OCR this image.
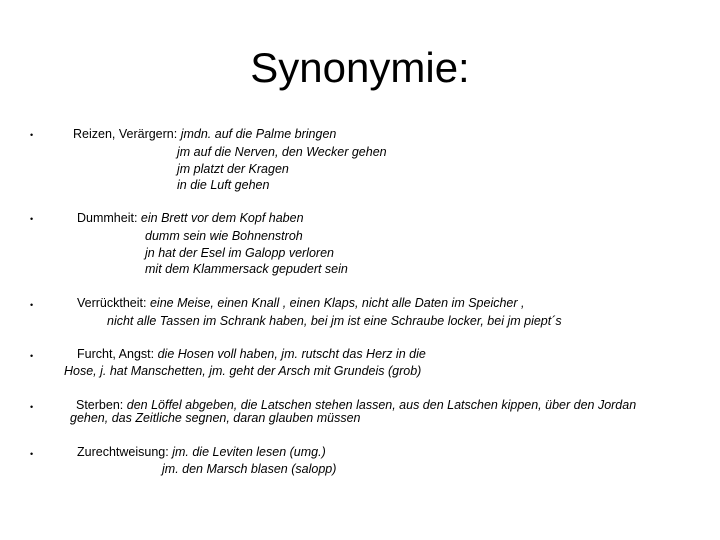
Synonymie:
•	Reizen, Verärgern: jmdn. auf die Palme bringen
jm auf die Nerven, den Wecker gehen
jm platzt der Kragen
in die Luft gehen
•	Dummheit: ein Brett vor dem Kopf haben
dumm sein wie Bohnenstroh
jn hat der Esel im Galopp verloren
mit dem Klammersack gepudert sein
•	Verrücktheit: eine Meise, einen Knall , einen Klaps, nicht alle Daten im Speicher ,
nicht alle Tassen im Schrank haben, bei jm ist eine Schraube locker, bei jm piept´s
•	Furcht, Angst: die Hosen voll haben, jm. rutscht das Herz in die
Hose, j. hat Manschetten, jm. geht der Arsch mit Grundeis (grob)
•	Sterben: den Löffel abgeben, die Latschen stehen lassen, aus den Latschen kippen, über den Jordan
gehen, das Zeitliche segnen, daran glauben müssen
•	Zurechtweisung: jm. die Leviten lesen (umg.)
jm. den Marsch blasen (salopp)
